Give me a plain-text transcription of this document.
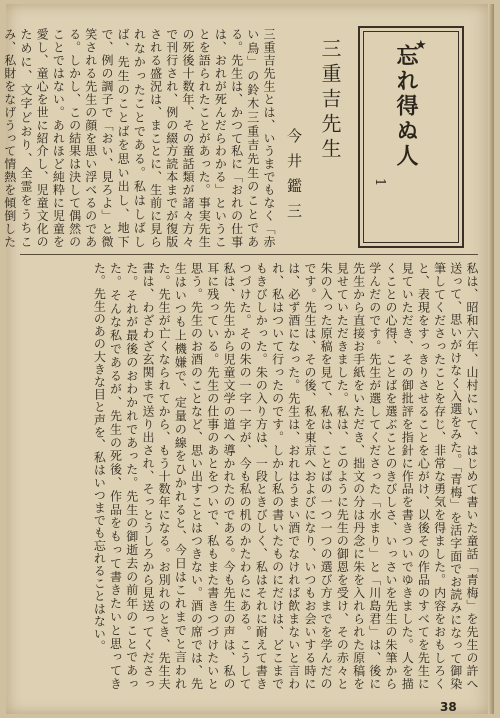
★
忘れ得ぬ人
1
三重吉先生
今井鑑三
三重吉先生とは、いうまでもなく「赤い鳥」の鈴木三重吉先生のことである。先生は、かつて私に「おれの仕事は、おれが死んだらわかる」ということを語られたことがあった。事実先生の死後十数年、その童話類が諸々方々で刊行され、例の綴方読本までが復版される盛況は、まことに、生前に見られなかったことである。私はしばしば、先生のことばを思い出し、地下で、例の調子で「おい、見ろよ」と微笑される先生の顔を思い浮べるのである。しかし、この結果は決して偶然のことではない。あれほど純粋に児童を愛し、童心を世に紹介し、児童文化のために、文字どおり、全霊をうちこみ、私財をなげうって情熱を傾倒した
私は、昭和六年、山村にいて、はじめて書いた童話「青梅」を先生の許へ送って、思いがけなく入選をみた。「青梅」を活字面でお読みになって御染筆してくださったことを存じ、非常な勇気を得ました。内容をおもしろくと、表現をすっきりさせることを心がけ、以後その作品のすべてを先生に見ていただき、その御批評を指針に作品を書きついでゆきました。人を描くことの心得、ことばを選ぶことのきびしさ、いっさいを先生の朱筆から学んだのです。先生が選してくださった「水まり」と「川島君」は、後に先生から直接お手紙をいただき、拙文の分は丹念に朱を入れられた原稿を見せていただきました。私は、このように先生の御恩を受け、その赤々と朱の入った原稿を見て、私は、ことばの一つ一つの選び方までを学んだのです。先生は、その後、私を東京へおよびになり、いつもお会いする時には、必ず酒になった。先生は、おれはうまい酒でなければ飲まないと言われ、私はついて行ったのです。しかし私の書いたものにだけは、どこまでもきびしかった。朱の入り方は、一段ときびしく、私はそれに耐えて書きつづけた。その朱の一字一字が、今も私の机のかたわらにある。こうして私は、先生から児童文学の道へ導かれたのである。今も先生の声は、私の耳に残っている。先生の仕事のあとをついで、私もまた書きつづけたいと思う。先生のお酒のことなど、思い出すことはつきない。酒の席では、先生はいつも上機嫌で、定量の線をひかれると、今日はこれまでと言われた。先生が亡くなられてから、もう十数年になる。お別れのとき、先生夫書は、わざわざ玄関まで送り出され、そっとうしろから見送ってくださった。それが最後のおわかれであった。先生の御逝去の前年のことであった。そんな私であるが、先生の死後、作品をもって書きたいと思ってきた。先生のあの大きな目と声を、私はいつまでも忘れることはない。
38
